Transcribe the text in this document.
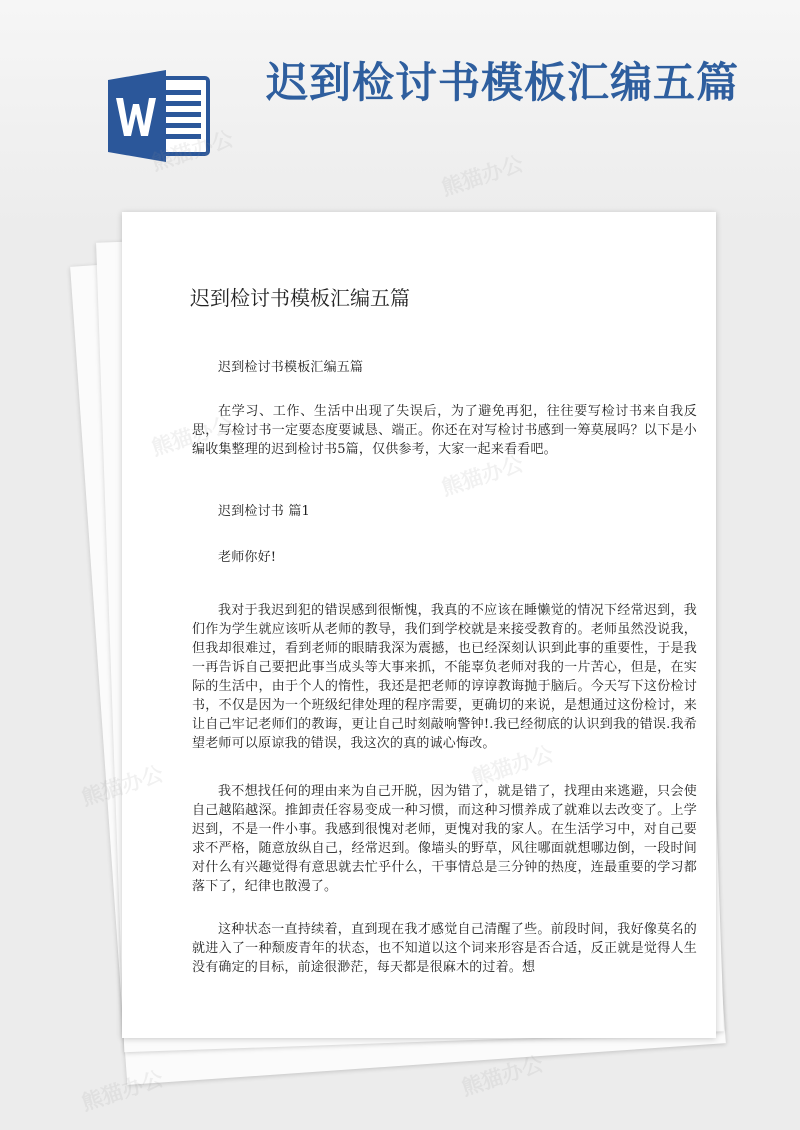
迟到检讨书模板汇编五篇
迟到检讨书模板汇编五篇

迟到检讨书模板汇编五篇

在学习、工作、生活中出现了失误后，为了避免再犯，往往要写检讨书来自我反思，写检讨书一定要态度要诚恳、端正。你还在对写检讨书感到一筹莫展吗？以下是小编收集整理的迟到检讨书5篇，仅供参考，大家一起来看看吧。

迟到检讨书 篇1

老师你好!

我对于我迟到犯的错误感到很惭愧，我真的不应该在睡懒觉的情况下经常迟到，我们作为学生就应该听从老师的教导，我们到学校就是来接受教育的。老师虽然没说我，但我却很难过，看到老师的眼睛我深为震撼，也已经深刻认识到此事的重要性，于是我一再告诉自己要把此事当成头等大事来抓，不能辜负老师对我的一片苦心，但是，在实际的生活中，由于个人的惰性，我还是把老师的谆谆教诲抛于脑后。今天写下这份检讨书，不仅是因为一个班级纪律处理的程序需要，更确切的来说，是想通过这份检讨，来让自己牢记老师们的教诲，更让自己时刻敲响警钟!.我已经彻底的认识到我的错误.我希望老师可以原谅我的错误，我这次的真的诚心悔改。

我不想找任何的理由来为自己开脱，因为错了，就是错了，找理由来逃避，只会使自己越陷越深。推卸责任容易变成一种习惯，而这种习惯养成了就难以去改变了。上学迟到，不是一件小事。我感到很愧对老师，更愧对我的家人。在生活学习中，对自己要求不严格，随意放纵自己，经常迟到。像墙头的野草，风往哪面就想哪边倒，一段时间对什么有兴趣觉得有意思就去忙乎什么，干事情总是三分钟的热度，连最重要的学习都落下了，纪律也散漫了。

这种状态一直持续着，直到现在我才感觉自己清醒了些。前段时间，我好像莫名的就进入了一种颓废青年的状态，也不知道以这个词来形容是否合适，反正就是觉得人生没有确定的目标，前途很渺茫，每天都是很麻木的过着。想

熊猫办公	熊猫办公
